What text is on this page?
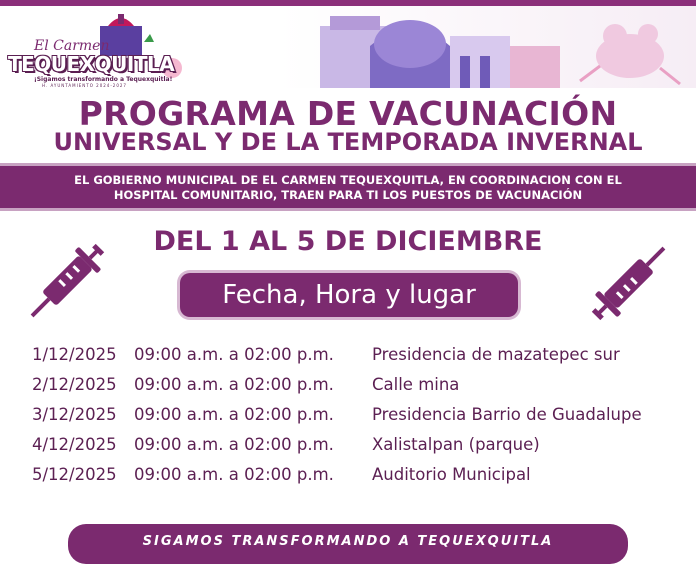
El Carmen
TEQUEXQUITLA
¡Sigamos transformando a Tequexquitla!
H. AYUNTAMIENTO 2024-2027
PROGRAMA DE VACUNACIÓN
UNIVERSAL Y DE LA TEMPORADA INVERNAL

EL GOBIERNO MUNICIPAL DE EL CARMEN TEQUEXQUITLA, EN COORDINACION CON EL

HOSPITAL COMUNITARIO, TRAEN PARA TI LOS PUESTOS DE VACUNACIÓN

DEL 1 AL 5 DE DICIEMBRE
Fecha, Hora y lugar
1/12/2025 09:00 a.m. a 02:00 p.m. Presidencia de mazatepec sur
2/12/2025 09:00 a.m. a 02:00 p.m. Calle mina
3/12/2025 09:00 a.m. a 02:00 p.m. Presidencia Barrio de Guadalupe
4/12/2025 09:00 a.m. a 02:00 p.m. Xalistalpan (parque)
5/12/2025 09:00 a.m. a 02:00 p.m. Auditorio Municipal
SIGAMOS TRANSFORMANDO A TEQUEXQUITLA
